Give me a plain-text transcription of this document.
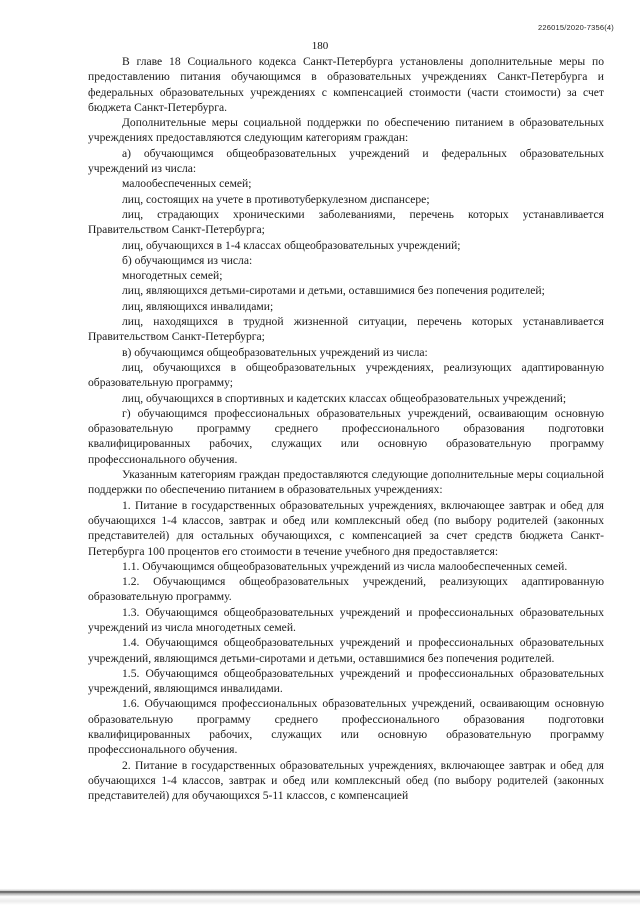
226015/2020-7356(4)
180

В главе 18 Социального кодекса Санкт-Петербурга установлены дополнительные меры по предоставлению питания обучающимся в образовательных учреждениях Санкт-Петербурга и федеральных образовательных учреждениях с компенсацией стоимости (части стоимости) за счет бюджета Санкт-Петербурга.

Дополнительные меры социальной поддержки по обеспечению питанием в образовательных учреждениях предоставляются следующим категориям граждан:

а) обучающимся общеобразовательных учреждений и федеральных образовательных учреждений из числа:

малообеспеченных семей;

лиц, состоящих на учете в противотуберкулезном диспансере;

лиц, страдающих хроническими заболеваниями, перечень которых устанавливается Правительством Санкт-Петербурга;

лиц, обучающихся в 1-4 классах общеобразовательных учреждений;

б) обучающимся из числа:

многодетных семей;

лиц, являющихся детьми-сиротами и детьми, оставшимися без попечения родителей;

лиц, являющихся инвалидами;

лиц, находящихся в трудной жизненной ситуации, перечень которых устанавливается Правительством Санкт-Петербурга;

в) обучающимся общеобразовательных учреждений из числа:

лиц, обучающихся в общеобразовательных учреждениях, реализующих адаптированную образовательную программу;

лиц, обучающихся в спортивных и кадетских классах общеобразовательных учреждений;

г) обучающимся профессиональных образовательных учреждений, осваивающим основную образовательную программу среднего профессионального образования подготовки квалифицированных рабочих, служащих или основную образовательную программу профессионального обучения.

Указанным категориям граждан предоставляются следующие дополнительные меры социальной поддержки по обеспечению питанием в образовательных учреждениях:

1. Питание в государственных образовательных учреждениях, включающее завтрак и обед для обучающихся 1-4 классов, завтрак и обед или комплексный обед (по выбору родителей (законных представителей) для остальных обучающихся, с компенсацией за счет средств бюджета Санкт-Петербурга 100 процентов его стоимости в течение учебного дня предоставляется:

1.1. Обучающимся общеобразовательных учреждений из числа малообеспеченных семей.

1.2. Обучающимся общеобразовательных учреждений, реализующих адаптированную образовательную программу.

1.3. Обучающимся общеобразовательных учреждений и профессиональных образовательных учреждений из числа многодетных семей.

1.4. Обучающимся общеобразовательных учреждений и профессиональных образовательных учреждений, являющимся детьми-сиротами и детьми, оставшимися без попечения родителей.

1.5. Обучающимся общеобразовательных учреждений и профессиональных образовательных учреждений, являющимся инвалидами.

1.6. Обучающимся профессиональных образовательных учреждений, осваивающим основную образовательную программу среднего профессионального образования подготовки квалифицированных рабочих, служащих или основную образовательную программу профессионального обучения.

2. Питание в государственных образовательных учреждениях, включающее завтрак и обед для обучающихся 1-4 классов, завтрак и обед или комплексный обед (по выбору родителей (законных представителей) для обучающихся 5-11 классов, с компенсацией
